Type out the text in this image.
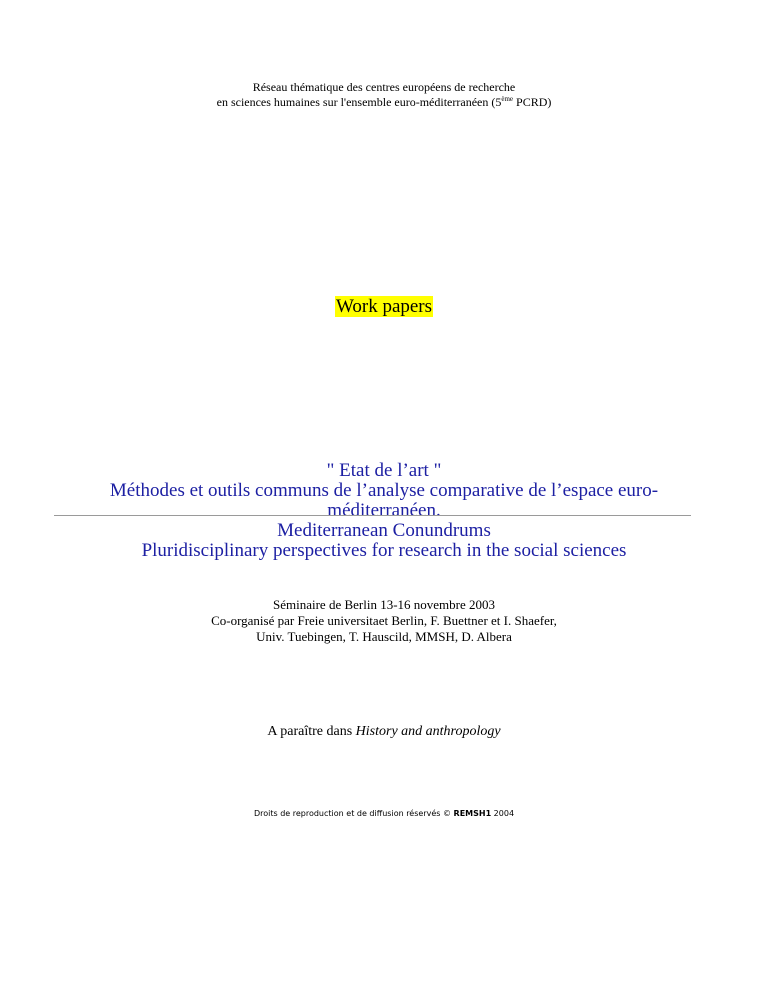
Réseau thématique des centres européens de recherche
en sciences humaines sur l'ensemble euro-méditerranéen (5ème PCRD)
Work papers
" Etat de l’art "
Méthodes et outils communs de l’analyse comparative de l’espace euro-
méditerranéen.
Mediterranean Conundrums
Pluridisciplinary perspectives for research in the social sciences
Séminaire de Berlin 13-16 novembre 2003
Co-organisé par Freie universitaet Berlin, F. Buettner et I. Shaefer,
Univ. Tuebingen, T. Hauscild, MMSH, D. Albera
A paraître dans History and anthropology
Droits de reproduction et de diffusion réservés © REMSH1 2004
